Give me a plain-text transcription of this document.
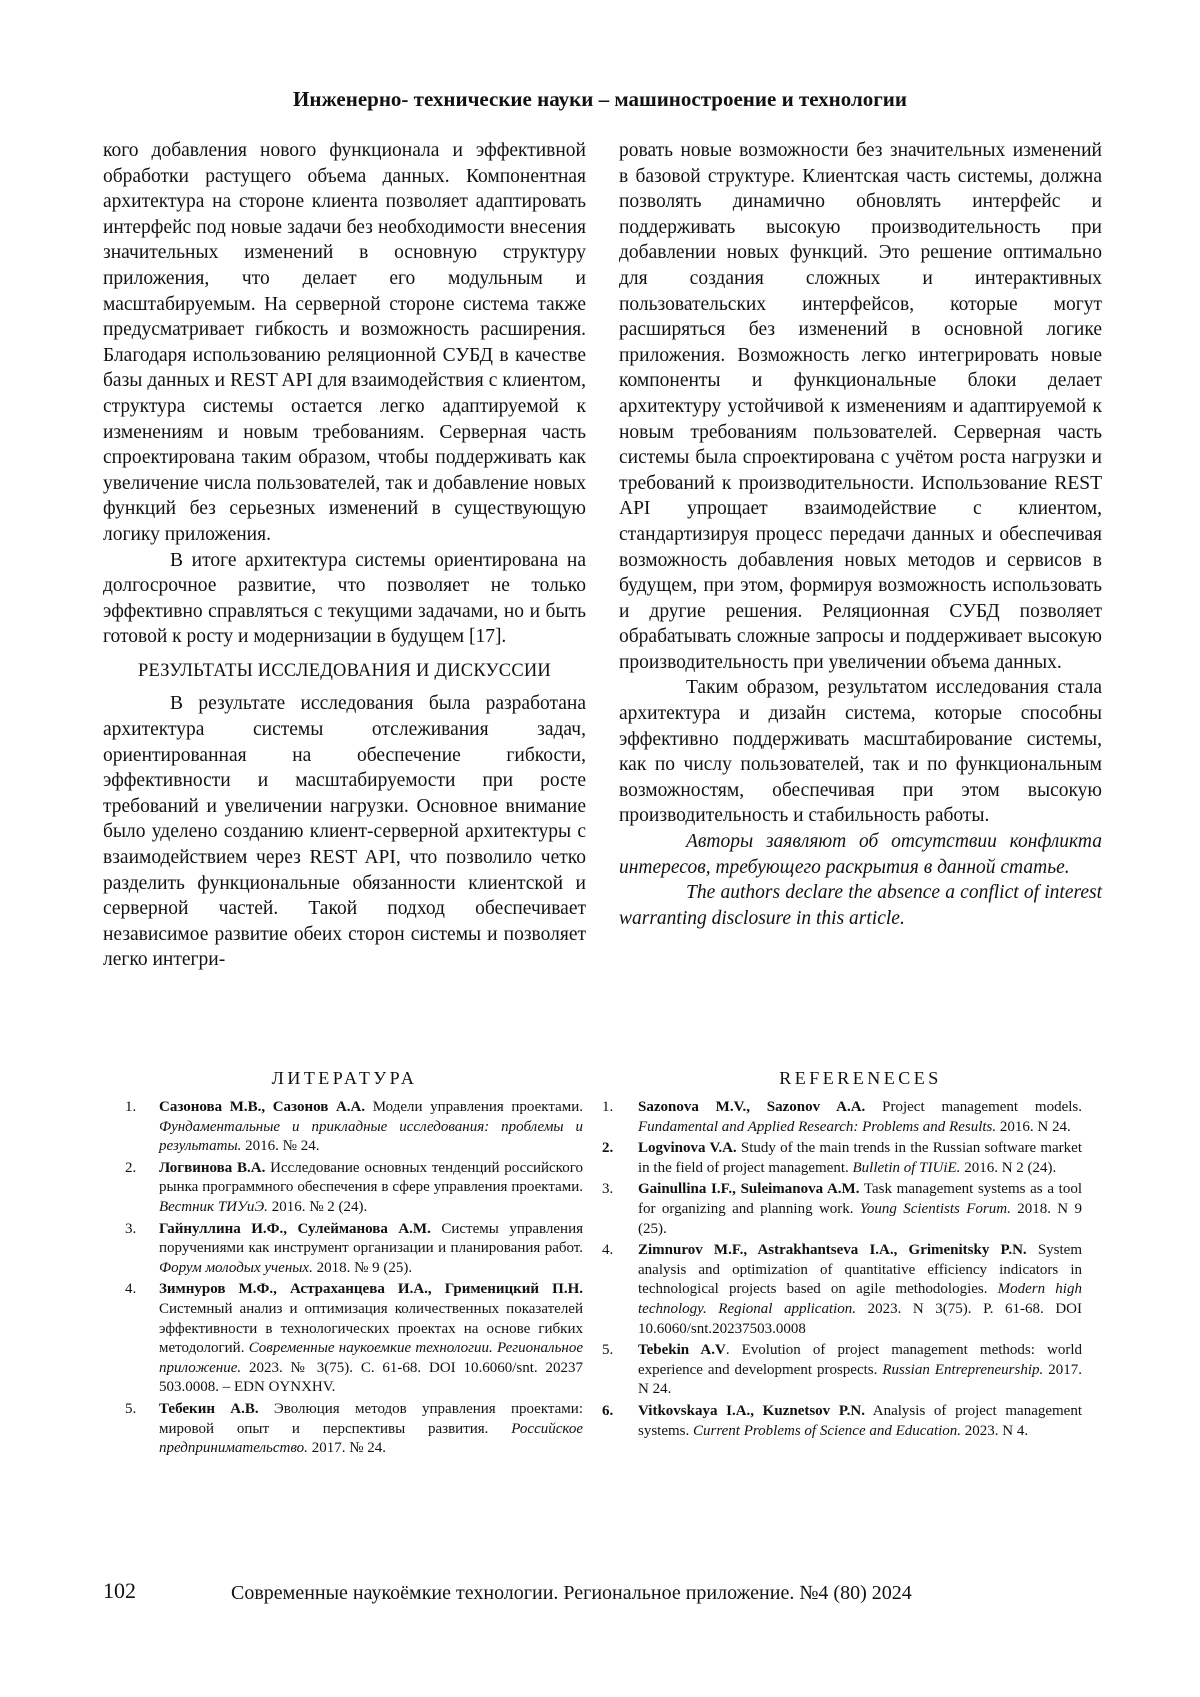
Инженерно- технические науки – машиностроение и технологии

кого добавления нового функционала и эффективной обработки растущего объема данных. Компонентная архитектура на стороне клиента позволяет адаптировать интерфейс под новые задачи без необходимости внесения значительных изменений в основную структуру приложения, что делает его модульным и масштабируемым. На серверной стороне система также предусматривает гибкость и возможность расширения. Благодаря использованию реляционной СУБД в качестве базы данных и REST API для взаимодействия с клиентом, структура системы остается легко адаптируемой к изменениям и новым требованиям. Серверная часть спроектирована таким образом, чтобы поддерживать как увеличение числа пользователей, так и добавление новых функций без серьезных изменений в существующую логику приложения.

В итоге архитектура системы ориентирована на долгосрочное развитие, что позволяет не только эффективно справляться с текущими задачами, но и быть готовой к росту и модернизации в будущем [17].

РЕЗУЛЬТАТЫ ИССЛЕДОВАНИЯ И ДИСКУССИИ

В результате исследования была разработана архитектура системы отслеживания задач, ориентированная на обеспечение гибкости, эффективности и масштабируемости при росте требований и увеличении нагрузки. Основное внимание было уделено созданию клиент-серверной архитектуры с взаимодействием через REST API, что позволило четко разделить функциональные обязанности клиентской и серверной частей. Такой подход обеспечивает независимое развитие обеих сторон системы и позволяет легко интегри-

ровать новые возможности без значительных изменений в базовой структуре. Клиентская часть системы, должна позволять динамично обновлять интерфейс и поддерживать высокую производительность при добавлении новых функций. Это решение оптимально для создания сложных и интерактивных пользовательских интерфейсов, которые могут расширяться без изменений в основной логике приложения. Возможность легко интегрировать новые компоненты и функциональные блоки делает архитектуру устойчивой к изменениям и адаптируемой к новым требованиям пользователей. Серверная часть системы была спроектирована с учётом роста нагрузки и требований к производительности. Использование REST API упрощает взаимодействие с клиентом, стандартизируя процесс передачи данных и обеспечивая возможность добавления новых методов и сервисов в будущем, при этом, формируя возможность использовать и другие решения. Реляционная СУБД позволяет обрабатывать сложные запросы и поддерживает высокую производительность при увеличении объема данных.

Таким образом, результатом исследования стала архитектура и дизайн система, которые способны эффективно поддерживать масштабирование системы, как по числу пользователей, так и по функциональным возможностям, обеспечивая при этом высокую производительность и стабильность работы.

Авторы заявляют об отсутствии конфликта интересов, требующего раскрытия в данной статье.

The authors declare the absence a conflict of interest warranting disclosure in this article.

ЛИТЕРАТУРА	REFERENECES
1. Сазонова М.В., Сазонов А.А. Модели управления проектами. Фундаментальные и прикладные исследования: проблемы и результаты. 2016. № 24.
2. Логвинова В.А. Исследование основных тенденций российского рынка программного обеспечения в сфере управления проектами. Вестник ТИУиЭ. 2016. № 2 (24).
3. Гайнуллина И.Ф., Сулейманова А.М. Системы управления поручениями как инструмент организации и планирования работ. Форум молодых ученых. 2018. № 9 (25).
4. Зимнуров М.Ф., Астраханцева И.А., Грименицкий П.Н. Системный анализ и оптимизация количественных показателей эффективности в технологических проектах на основе гибких методологий. Современные наукоемкие технологии. Региональное приложение. 2023. № 3(75). С. 61-68. DOI 10.6060/snt. 20237 503.0008. – EDN OYNXHV.
5. Тебекин А.В. Эволюция методов управления проектами: мировой опыт и перспективы развития. Российское предпринимательство. 2017. № 24.
1. Sazonova M.V., Sazonov A.A. Project management models. Fundamental and Applied Research: Problems and Results. 2016. N 24.
2. Logvinova V.A. Study of the main trends in the Russian software market in the field of project management. Bulletin of TIUiE. 2016. N 2 (24).
3. Gainullina I.F., Suleimanova A.M. Task management systems as a tool for organizing and planning work. Young Scientists Forum. 2018. N 9 (25).
4. Zimnurov M.F., Astrakhantseva I.A., Grimenitsky P.N. System analysis and optimization of quantitative efficiency indicators in technological projects based on agile methodologies. Modern high technology. Regional application. 2023. N 3(75). P. 61-68. DOI 10.6060/snt.20237503.0008
5. Tebekin A.V. Evolution of project management methods: world experience and development prospects. Russian Entrepreneurship. 2017. N 24.
6. Vitkovskaya I.A., Kuznetsov P.N. Analysis of project management systems. Current Problems of Science and Education. 2023. N 4.
102	Современные наукоёмкие технологии. Региональное приложение. №4 (80) 2024
